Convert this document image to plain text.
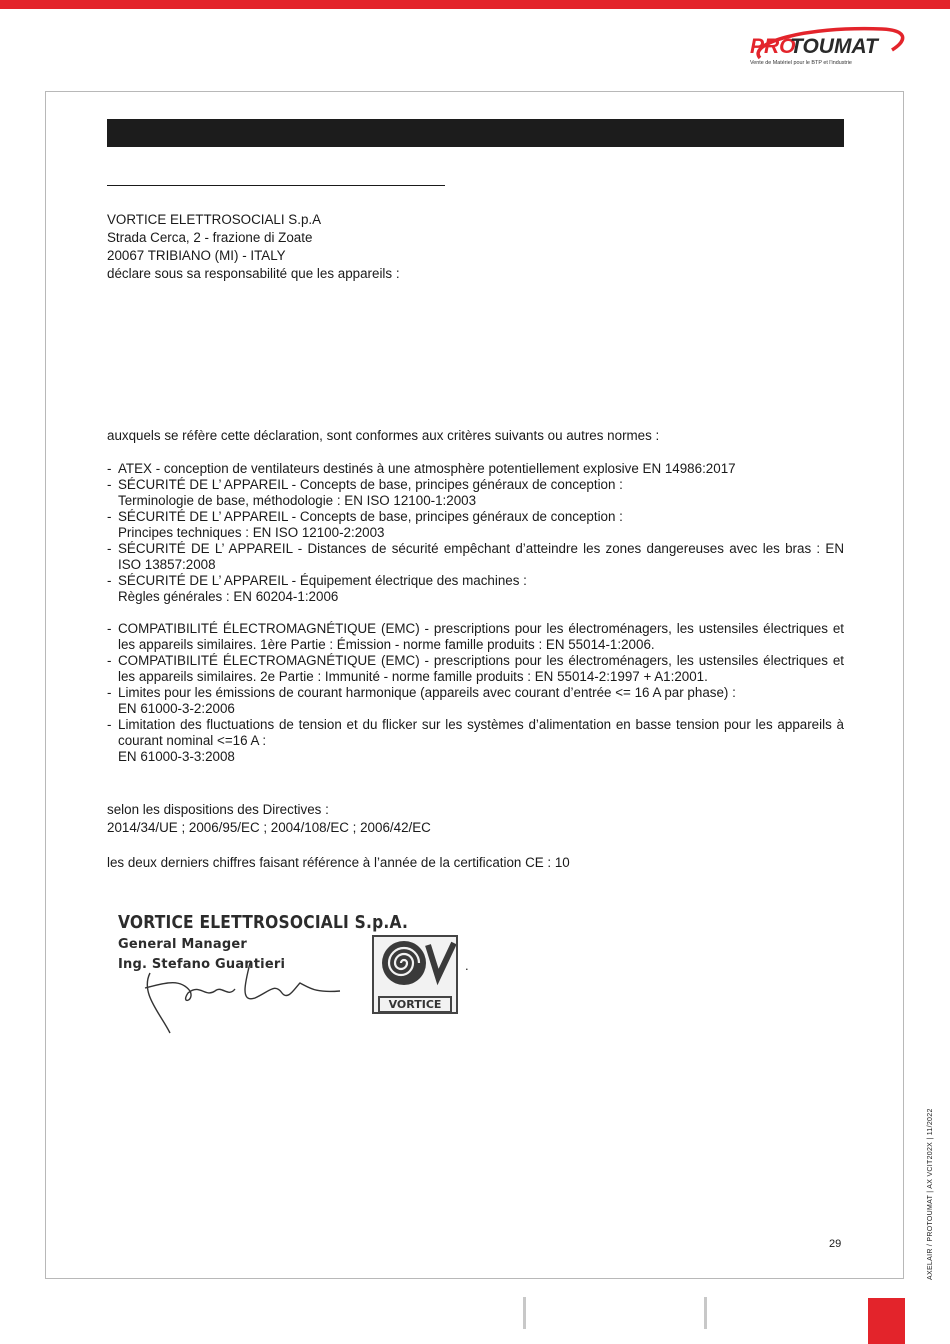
PRO
TOUMAT
Vente de Matériel pour le BTP et l'industrie
VORTICE ELETTROSOCIALI S.p.A
Strada Cerca, 2 - frazione di Zoate
20067 TRIBIANO (MI) - ITALY
déclare sous sa responsabilité que les appareils :
auxquels se réfère cette déclaration, sont conformes aux critères suivants ou autres normes :
- ATEX - conception de ventilateurs destinés à une atmosphère potentiellement explosive EN 14986:2017
- SÉCURITÉ DE L’ APPAREIL - Concepts de base, principes généraux de conception :
Terminologie de base, méthodologie : EN ISO 12100-1:2003
- SÉCURITÉ DE L’ APPAREIL - Concepts de base, principes généraux de conception :
Principes techniques : EN ISO 12100-2:2003
- SÉCURITÉ DE L’ APPAREIL - Distances de sécurité empêchant d’atteindre les zones dangereuses avec les bras : EN ISO 13857:2008
- SÉCURITÉ DE L’ APPAREIL - Équipement électrique des machines :
Règles générales : EN 60204-1:2006
- COMPATIBILITÉ ÉLECTROMAGNÉTIQUE (EMC) - prescriptions pour les électroménagers, les ustensiles électriques et les appareils similaires. 1ère Partie : Émission - norme famille produits : EN 55014-1:2006.
- COMPATIBILITÉ ÉLECTROMAGNÉTIQUE (EMC) - prescriptions pour les électroménagers, les ustensiles électriques et les appareils similaires. 2e Partie : Immunité - norme famille produits : EN 55014-2:1997 + A1:2001.
- Limites pour les émissions de courant harmonique (appareils avec courant d’entrée <= 16 A par phase) :
EN 61000-3-2:2006
- Limitation des fluctuations de tension et du flicker sur les systèmes d’alimentation en basse tension pour les appareils à courant nominal <=16 A :
EN 61000-3-3:2008
selon les dispositions des Directives :
2014/34/UE ; 2006/95/EC ; 2004/108/EC ; 2006/42/EC
les deux derniers chiffres faisant référence à l’année de la certification CE : 10
VORTICE ELETTROSOCIALI S.p.A.
General Manager
Ing. Stefano Guantieri
VORTICE
.
AXELAIR / PROTOUMAT | AX VCIT202X | 11/2022
29
